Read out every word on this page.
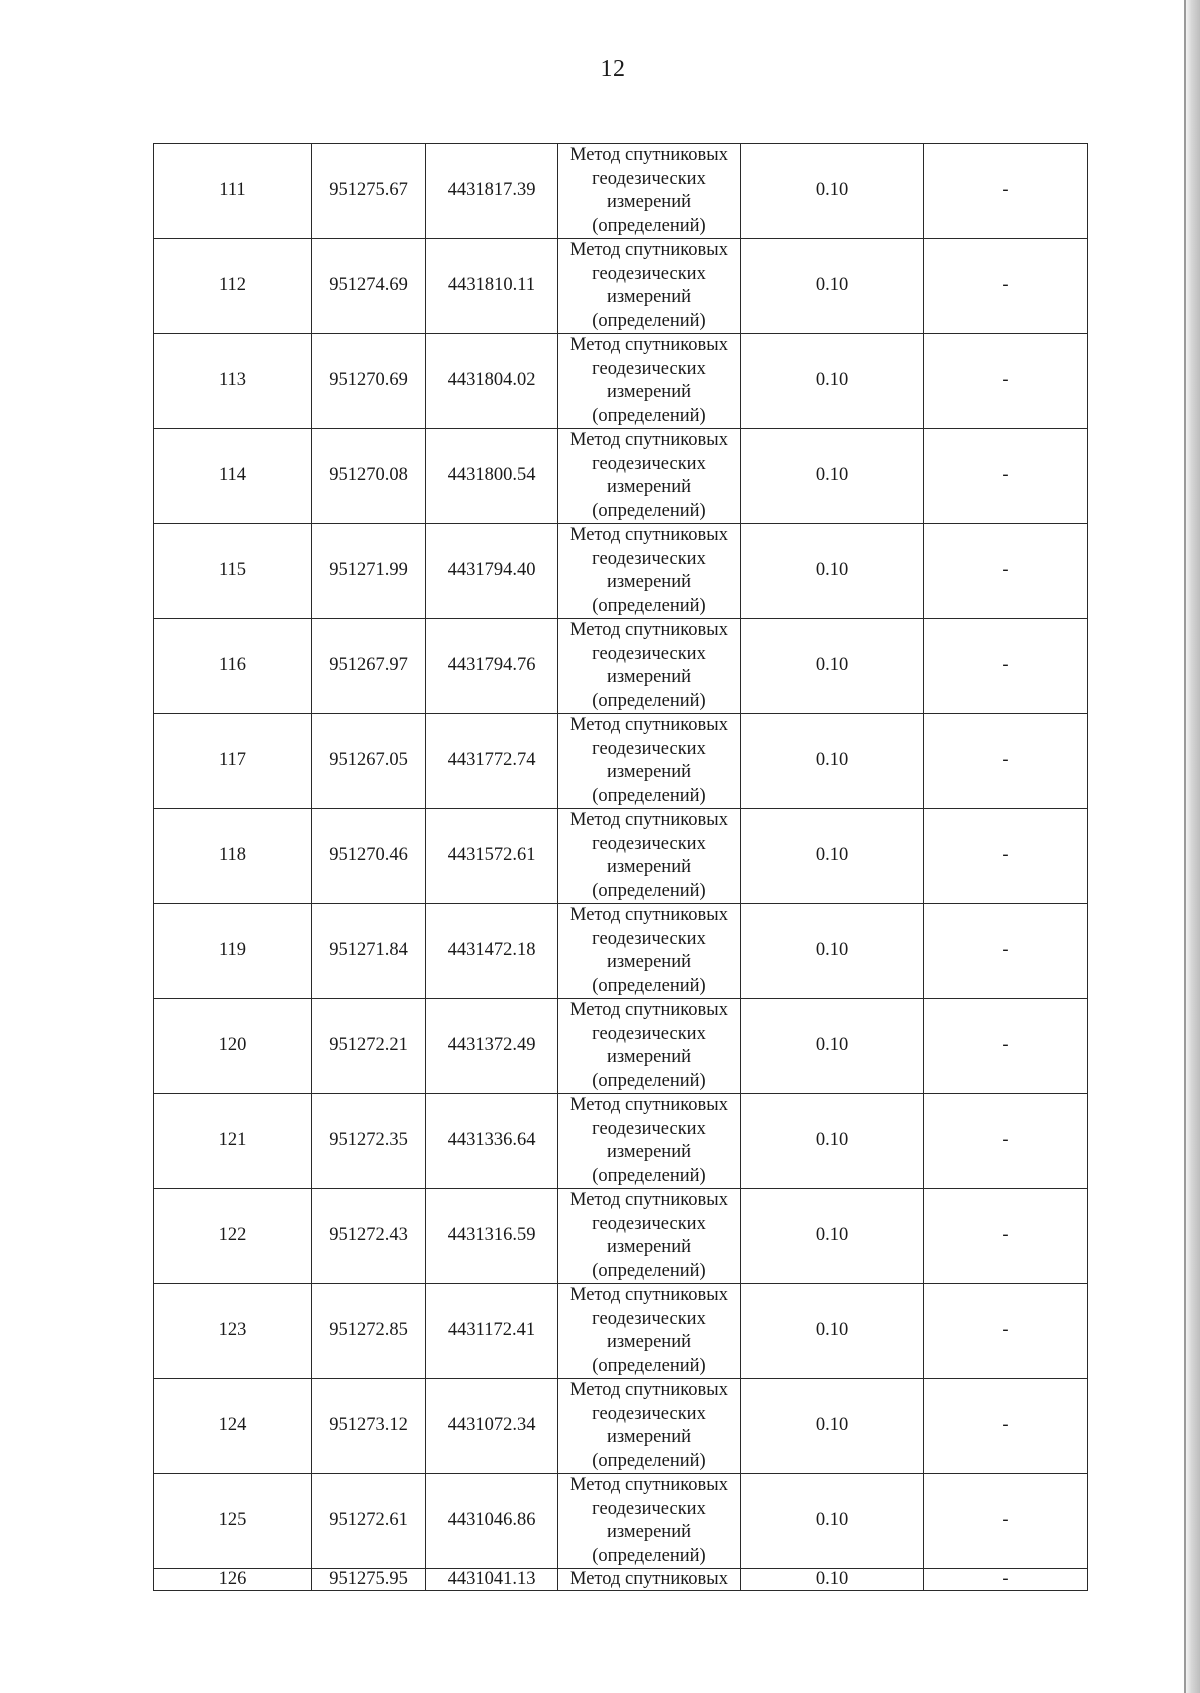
12
111	951275.67	4431817.39	Метод спутниковых
геодезических
измерений
(определений)	0.10	-
112	951274.69	4431810.11	Метод спутниковых
геодезических
измерений
(определений)	0.10	-
113	951270.69	4431804.02	Метод спутниковых
геодезических
измерений
(определений)	0.10	-
114	951270.08	4431800.54	Метод спутниковых
геодезических
измерений
(определений)	0.10	-
115	951271.99	4431794.40	Метод спутниковых
геодезических
измерений
(определений)	0.10	-
116	951267.97	4431794.76	Метод спутниковых
геодезических
измерений
(определений)	0.10	-
117	951267.05	4431772.74	Метод спутниковых
геодезических
измерений
(определений)	0.10	-
118	951270.46	4431572.61	Метод спутниковых
геодезических
измерений
(определений)	0.10	-
119	951271.84	4431472.18	Метод спутниковых
геодезических
измерений
(определений)	0.10	-
120	951272.21	4431372.49	Метод спутниковых
геодезических
измерений
(определений)	0.10	-
121	951272.35	4431336.64	Метод спутниковых
геодезических
измерений
(определений)	0.10	-
122	951272.43	4431316.59	Метод спутниковых
геодезических
измерений
(определений)	0.10	-
123	951272.85	4431172.41	Метод спутниковых
геодезических
измерений
(определений)	0.10	-
124	951273.12	4431072.34	Метод спутниковых
геодезических
измерений
(определений)	0.10	-
125	951272.61	4431046.86	Метод спутниковых
геодезических
измерений
(определений)	0.10	-
126	951275.95	4431041.13	Метод спутниковых	0.10	-
